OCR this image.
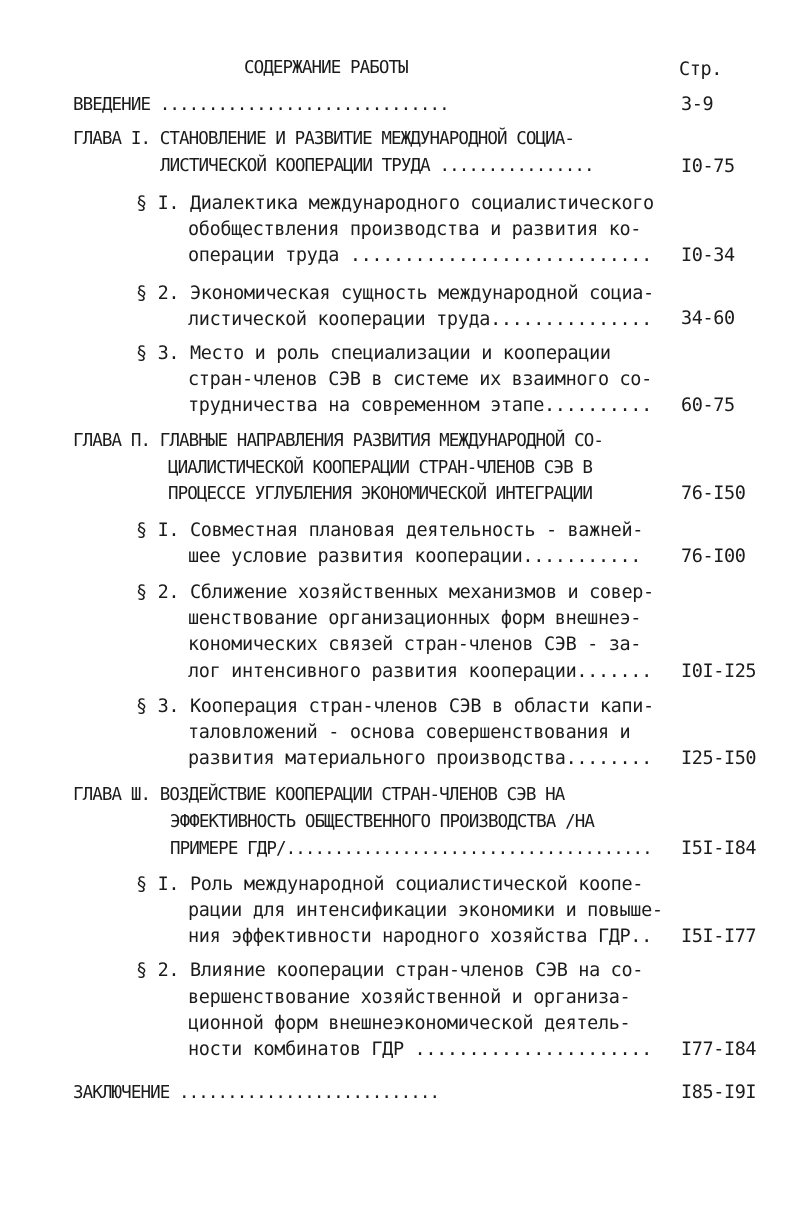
СОДЕРЖАНИЕ РАБОТЫ	Стр.

ВВЕДЕНИЕ ..............................	3-9

ГЛАВА I. СТАНОВЛЕНИЕ И РАЗВИТИЕ МЕЖДУНАРОДНОЙ СОЦИА-

ЛИСТИЧЕСКОЙ КООПЕРАЦИИ ТРУДА ................	I0-75

§ I. Диалектика международного социалистического

обобществления производства и развития ко-

операции труда ............................ I0-34

§ 2. Экономическая сущность международной социа-

листической кооперации труда............... 34-60

§ 3. Место и роль специализации и кооперации

стран-членов СЭВ в системе их взаимного со-

трудничества на современном этапе.......... 60-75

ГЛАВА П. ГЛАВНЫЕ НАПРАВЛЕНИЯ РАЗВИТИЯ МЕЖДУНАРОДНОЙ СО-

ЦИАЛИСТИЧЕСКОЙ КООПЕРАЦИИ СТРАН-ЧЛЕНОВ СЭВ В

ПРОЦЕССЕ УГЛУБЛЕНИЯ ЭКОНОМИЧЕСКОЙ ИНТЕГРАЦИИ	76-I50

§ I. Совместная плановая деятельность - важней-

шее условие развития кооперации........... 76-I00

§ 2. Сближение хозяйственных механизмов и совер-

шенствование организационных форм внешнеэ-

кономических связей стран-членов СЭВ - за-

лог интенсивного развития кооперации....... I0I-I25

§ 3. Кооперация стран-членов СЭВ в области капи-

таловложений - основа совершенствования и

развития материального производства........ I25-I50

ГЛАВА Ш. ВОЗДЕЙСТВИЕ КООПЕРАЦИИ СТРАН-ЧЛЕНОВ СЭВ НА

ЭФФЕКТИВНОСТЬ ОБЩЕСТВЕННОГО ПРОИЗВОДСТВА /НА

ПРИМЕРЕ ГДР/...................................... I5I-I84

§ I. Роль международной социалистической коопе-

рации для интенсификации экономики и повыше-

ния эффективности народного хозяйства ГДР.. I5I-I77

§ 2. Влияние кооперации стран-членов СЭВ на со-

вершенствование хозяйственной и организа-

ционной форм внешнеэкономической деятель-

ности комбинатов ГДР ...................... I77-I84

ЗАКЛЮЧЕНИЕ ...........................	I85-I9I
